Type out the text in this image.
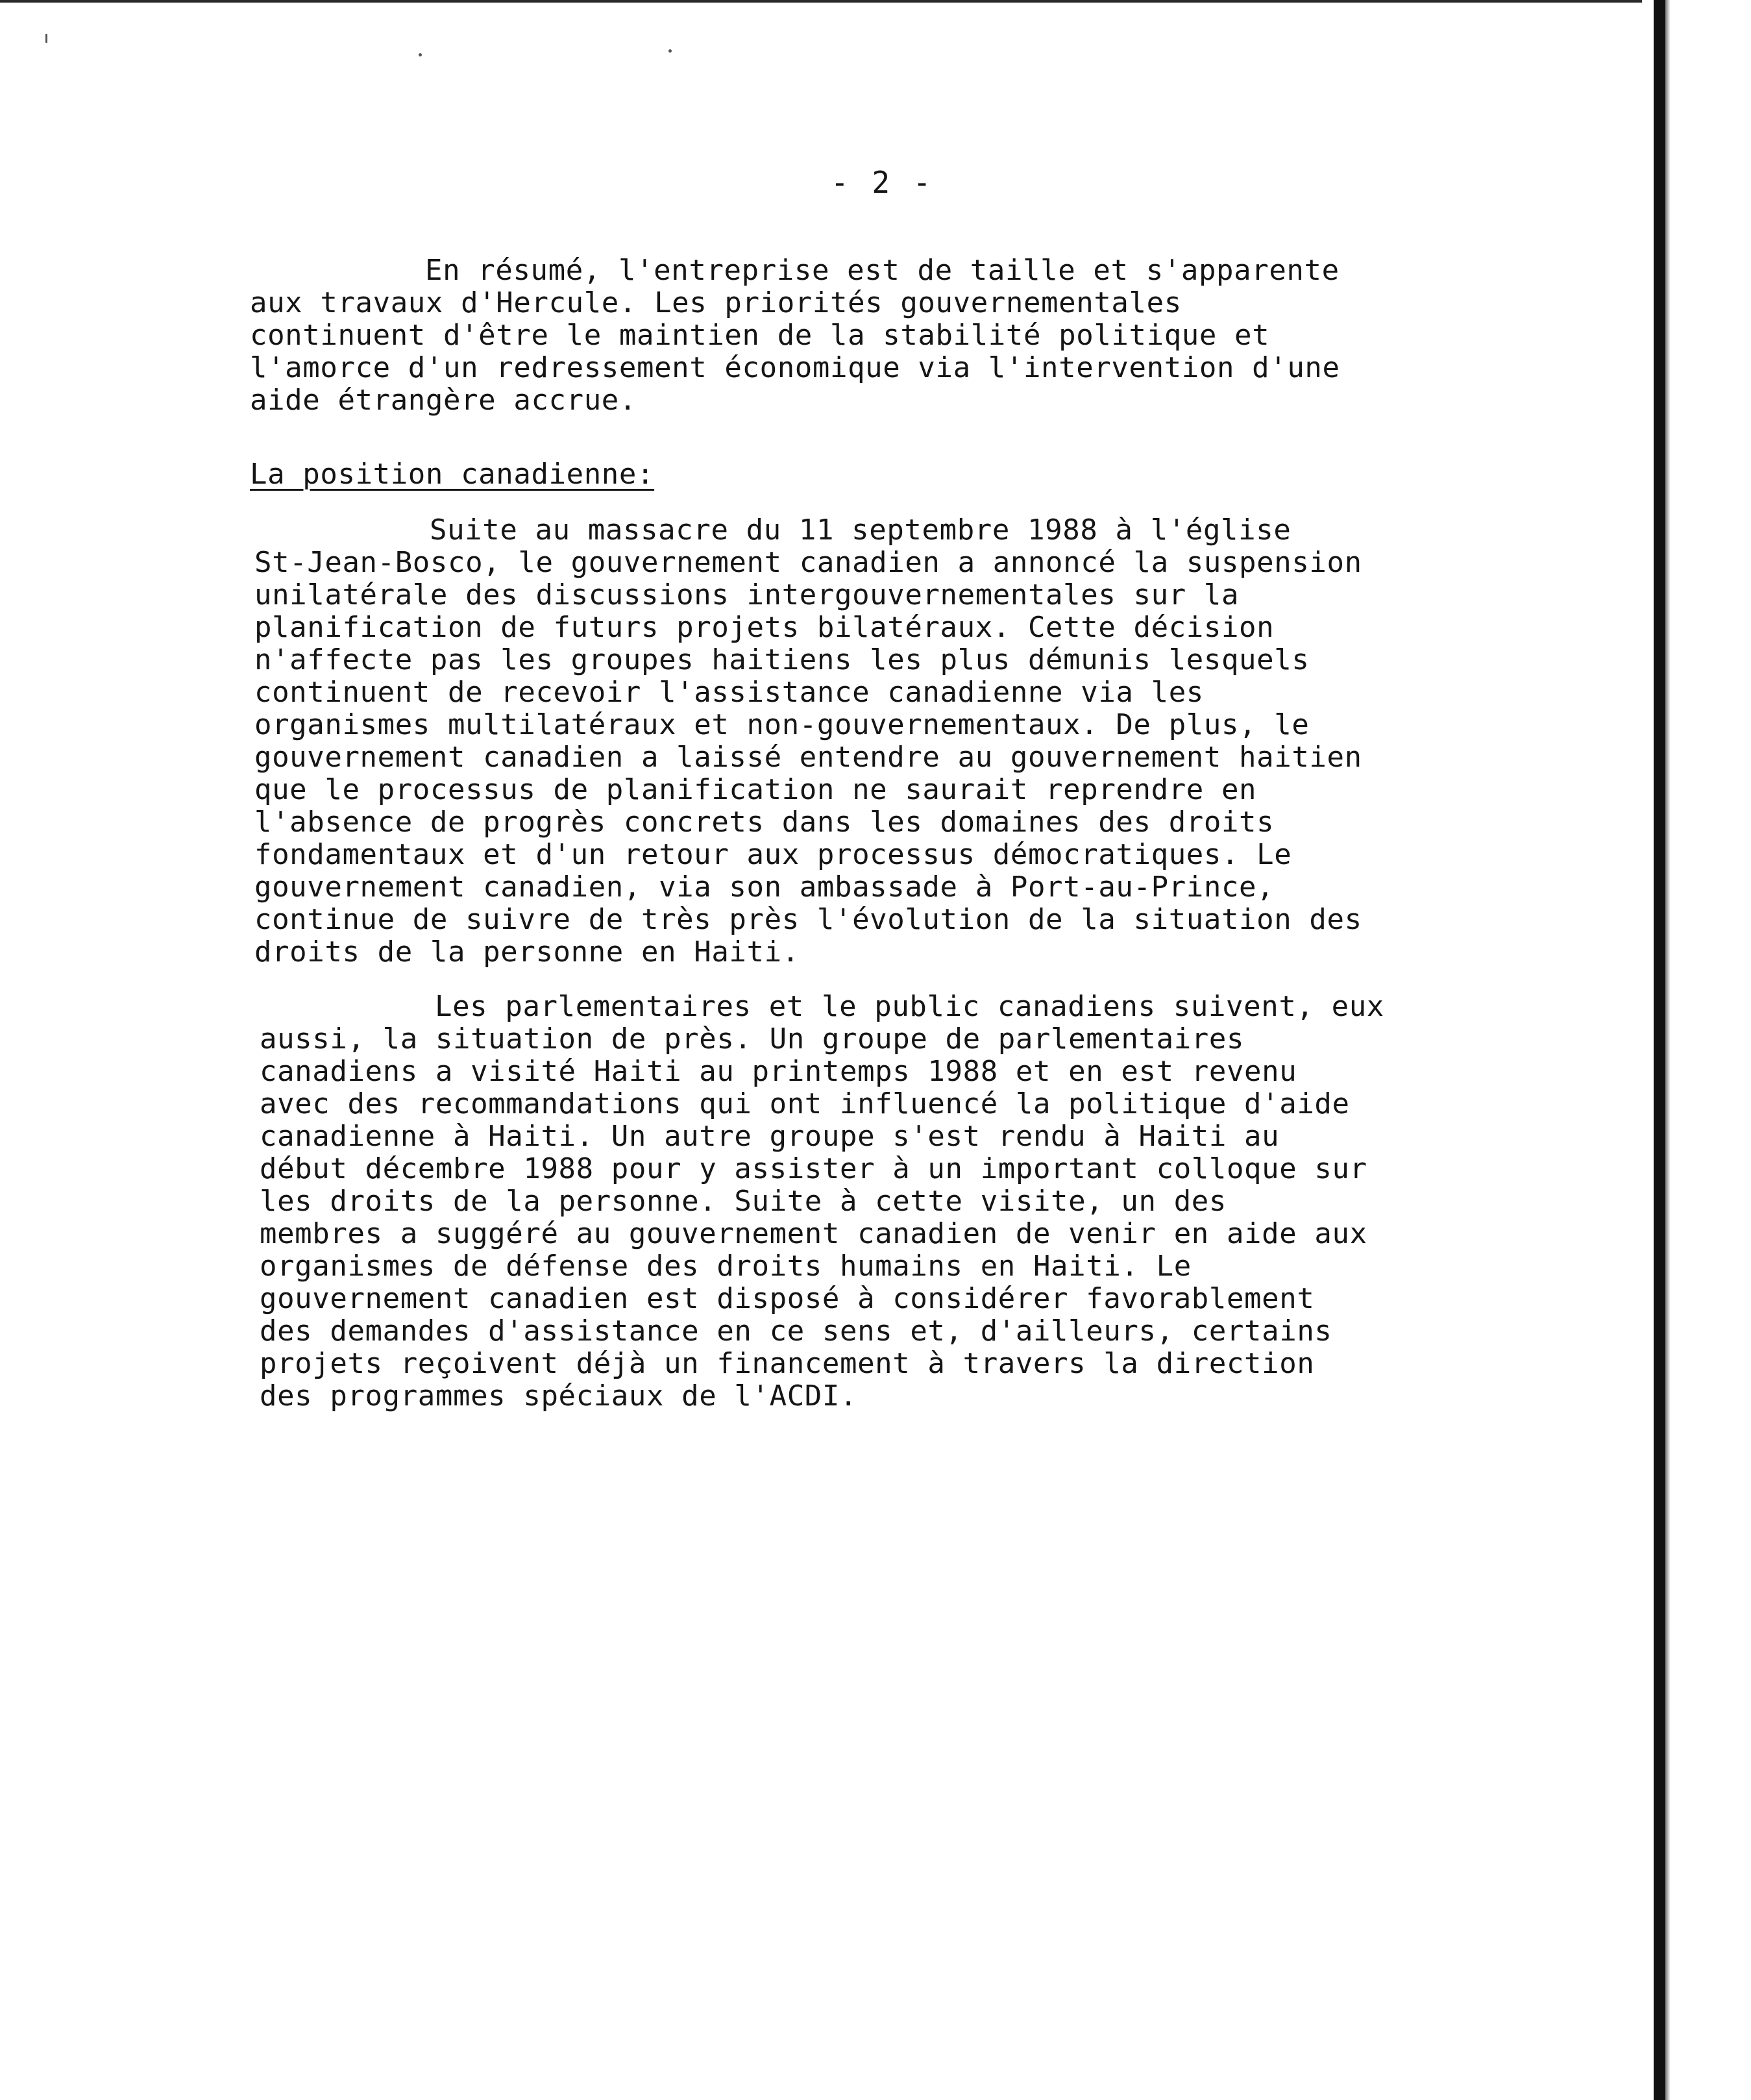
- 2 -
En résumé, l'entreprise est de taille et s'apparente
aux travaux d'Hercule. Les priorités gouvernementales
continuent d'être le maintien de la stabilité politique et
l'amorce d'un redressement économique via l'intervention d'une
aide étrangère accrue.
La position canadienne:
Suite au massacre du 11 septembre 1988 à l'église
St-Jean-Bosco, le gouvernement canadien a annoncé la suspension
unilatérale des discussions intergouvernementales sur la
planification de futurs projets bilatéraux. Cette décision
n'affecte pas les groupes haitiens les plus démunis lesquels
continuent de recevoir l'assistance canadienne via les
organismes multilatéraux et non-gouvernementaux. De plus, le
gouvernement canadien a laissé entendre au gouvernement haitien
que le processus de planification ne saurait reprendre en
l'absence de progrès concrets dans les domaines des droits
fondamentaux et d'un retour aux processus démocratiques. Le
gouvernement canadien, via son ambassade à Port-au-Prince,
continue de suivre de très près l'évolution de la situation des
droits de la personne en Haiti.
Les parlementaires et le public canadiens suivent, eux
aussi, la situation de près. Un groupe de parlementaires
canadiens a visité Haiti au printemps 1988 et en est revenu
avec des recommandations qui ont influencé la politique d'aide
canadienne à Haiti. Un autre groupe s'est rendu à Haiti au
début décembre 1988 pour y assister à un important colloque sur
les droits de la personne. Suite à cette visite, un des
membres a suggéré au gouvernement canadien de venir en aide aux
organismes de défense des droits humains en Haiti. Le
gouvernement canadien est disposé à considérer favorablement
des demandes d'assistance en ce sens et, d'ailleurs, certains
projets reçoivent déjà un financement à travers la direction
des programmes spéciaux de l'ACDI.
